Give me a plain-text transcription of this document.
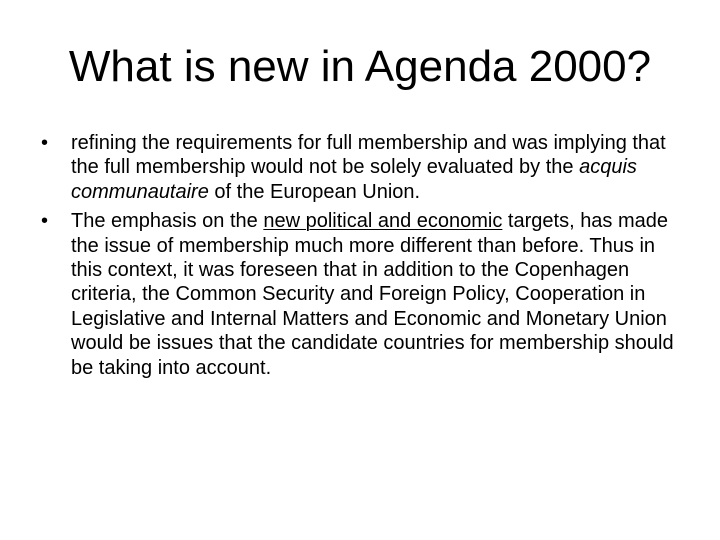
What is new in Agenda 2000?
•	refining the requirements for full membership and was implying that the full membership would not be solely evaluated by the acquis communautaire of the European Union.
•	The emphasis on the new political and economic targets, has made the issue of membership much more different than before. Thus in this context, it was foreseen that in addition to the Copenhagen criteria, the Common Security and Foreign Policy, Cooperation in Legislative and Internal Matters and Economic and Monetary Union would be issues that the candidate countries for membership should be taking into account.
